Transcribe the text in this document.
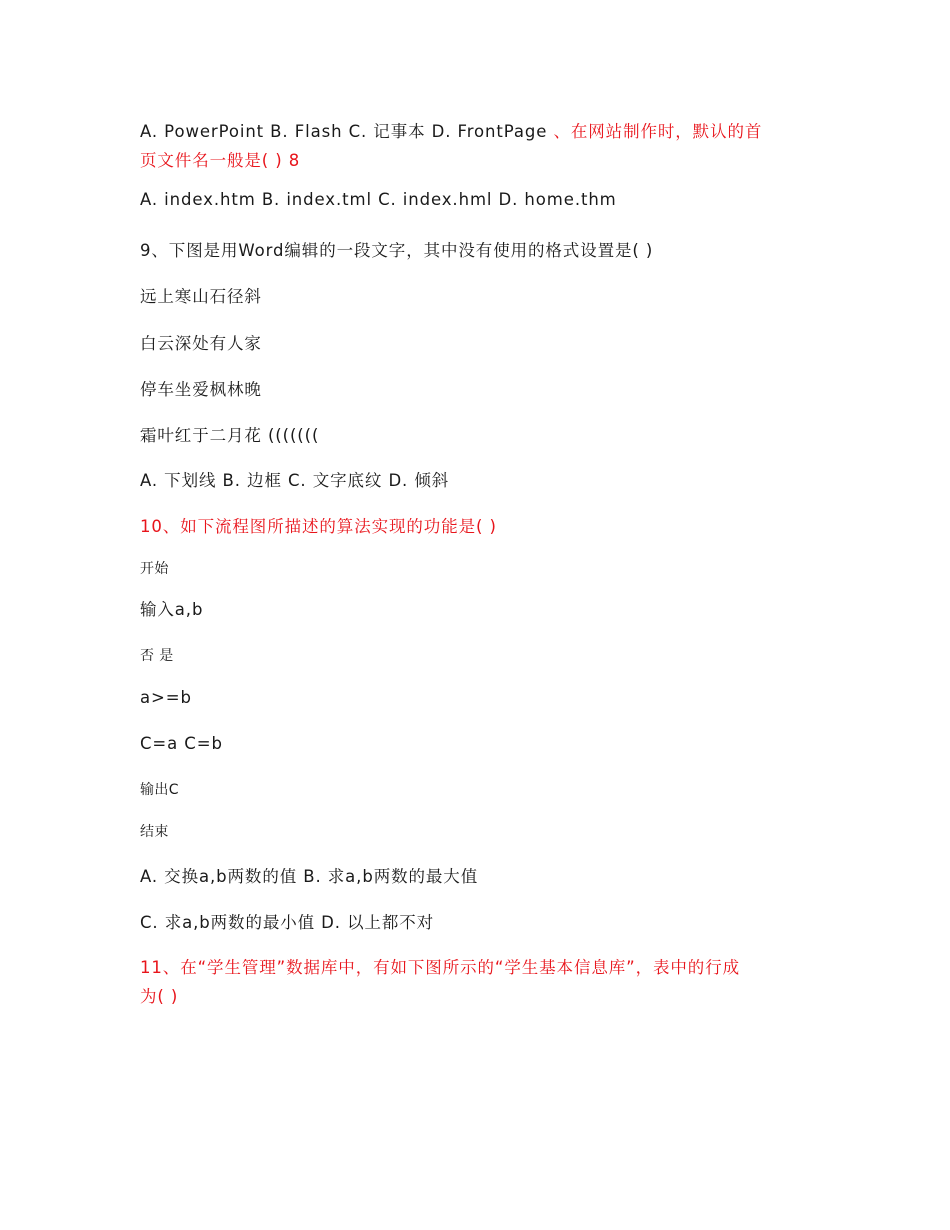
A. PowerPoint B. Flash C. 记事本 D. FrontPage 、在网站制作时，默认的首
页文件名一般是( ) 8
A. index.htm B. index.tml C. index.hml D. home.thm
9、下图是用Word编辑的一段文字，其中没有使用的格式设置是( )
远上寒山石径斜
白云深处有人家
停车坐爱枫林晚
霜叶红于二月花 (((((((
A. 下划线 B. 边框 C. 文字底纹 D. 倾斜
10、如下流程图所描述的算法实现的功能是( )
开始
输入a,b
否 是
a>=b
C=a C=b
输出C
结束
A. 交换a,b两数的值 B. 求a,b两数的最大值
C. 求a,b两数的最小值 D. 以上都不对
11、在“学生管理”数据库中，有如下图所示的“学生基本信息库”，表中的行成
为( )
